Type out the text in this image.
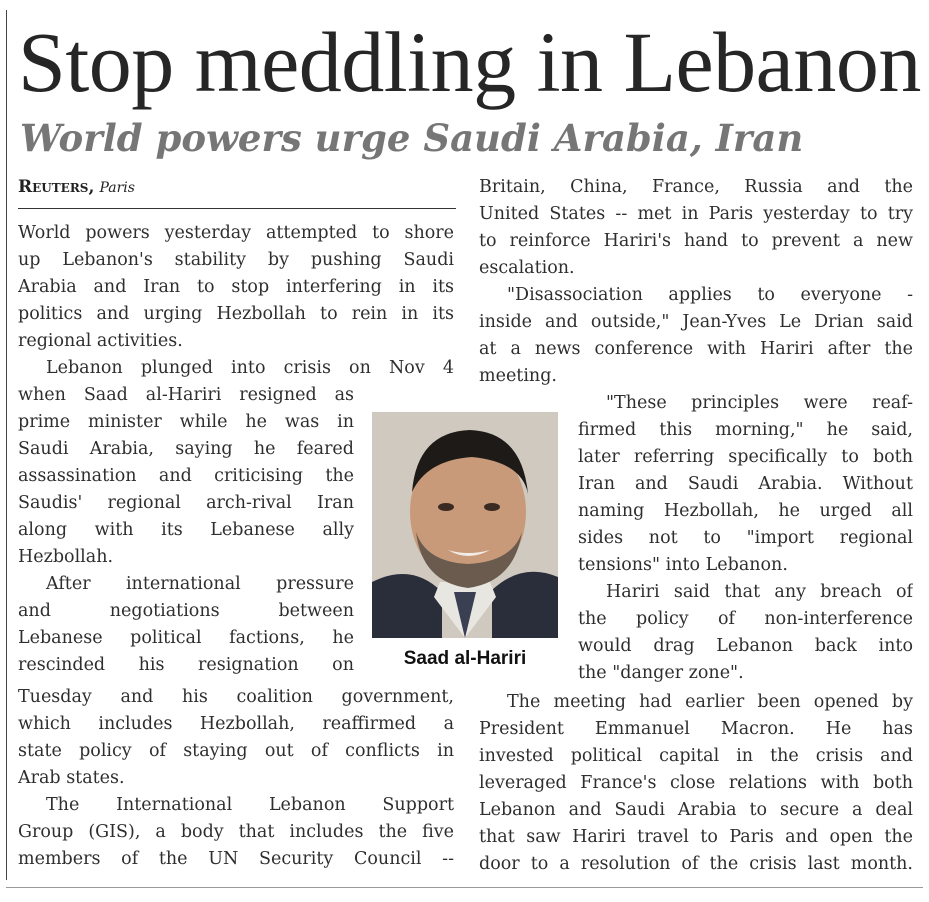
Stop meddling in Lebanon
World powers urge Saudi Arabia, Iran
Reuters, Paris

World powers yesterday attempted to shore
up Lebanon's stability by pushing Saudi
Arabia and Iran to stop interfering in its
politics and urging Hezbollah to rein in its
regional activities.

Lebanon plunged into crisis on Nov 4

when Saad al-Hariri resigned as
prime minister while he was in
Saudi Arabia, saying he feared
assassination and criticising the
Saudis' regional arch-rival Iran
along with its Lebanese ally
Hezbollah.

After international pressure
and negotiations between
Lebanese political factions, he
rescinded his resignation on

Tuesday and his coalition government,
which includes Hezbollah, reaffirmed a
state policy of staying out of conflicts in
Arab states.

The International Lebanon Support
Group (GIS), a body that includes the five
members of the UN Security Council --

Saad al-Hariri

Britain, China, France, Russia and the
United States -- met in Paris yesterday to try
to reinforce Hariri's hand to prevent a new
escalation.

"Disassociation applies to everyone -
inside and outside," Jean-Yves Le Drian said
at a news conference with Hariri after the
meeting.

"These principles were reaf-
firmed this morning," he said,
later referring specifically to both
Iran and Saudi Arabia. Without
naming Hezbollah, he urged all
sides not to "import regional
tensions" into Lebanon.

Hariri said that any breach of
the policy of non-interference
would drag Lebanon back into
the "danger zone".

The meeting had earlier been opened by
President Emmanuel Macron. He has
invested political capital in the crisis and
leveraged France's close relations with both
Lebanon and Saudi Arabia to secure a deal
that saw Hariri travel to Paris and open the
door to a resolution of the crisis last month.
